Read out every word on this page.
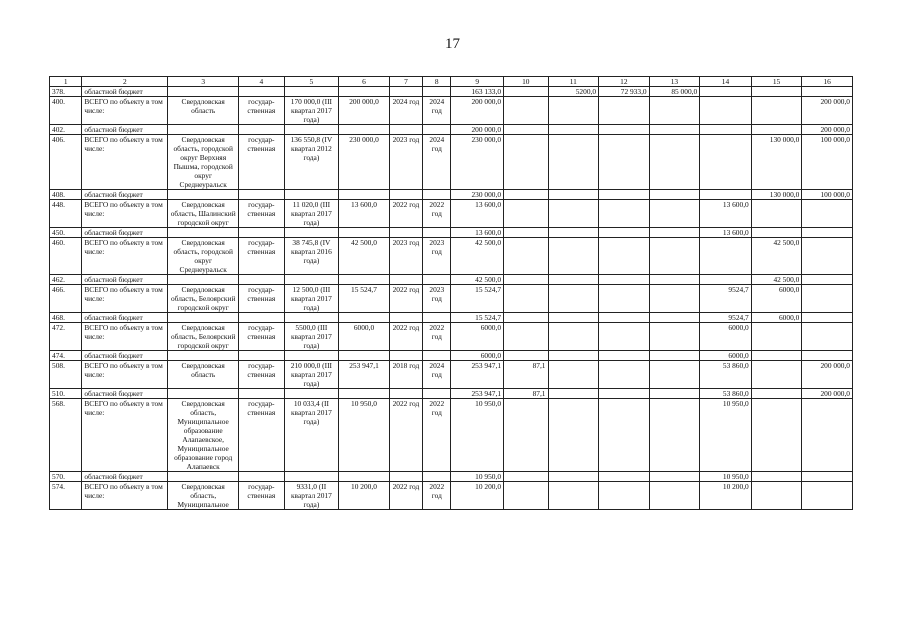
17
1	2	3	4	5	6	7	8	9	10	11	12	13	14	15	16
378.	областной бюджет							163 133,0		5200,0	72 933,0	85 000,0			
400.	ВСЕГО по объекту в том числе:	Свердловская область	государ-ственная	170 000,0 (III квартал 2017 года)	200 000,0	2024 год	2024 год	200 000,0							200 000,0
402.	областной бюджет							200 000,0							200 000,0
406.	ВСЕГО по объекту в том числе:	Свердловская область, городской округ Верхняя Пышма, городской округ Среднеуральск	государ-ственная	136 550,8 (IV квартал 2012 года)	230 000,0	2023 год	2024 год	230 000,0						130 000,0	100 000,0
408.	областной бюджет							230 000,0						130 000,0	100 000,0
448.	ВСЕГО по объекту в том числе:	Свердловская область, Шалинский городской округ	государ-ственная	11 020,0 (III квартал 2017 года)	13 600,0	2022 год	2022 год	13 600,0					13 600,0		
450.	областной бюджет							13 600,0					13 600,0		
460.	ВСЕГО по объекту в том числе:	Свердловская область, городской округ Среднеуральск	государ-ственная	38 745,8 (IV квартал 2016 года)	42 500,0	2023 год	2023 год	42 500,0						42 500,0	
462.	областной бюджет							42 500,0						42 500,0	
466.	ВСЕГО по объекту в том числе:	Свердловская область, Белоярский городской округ	государ-ственная	12 500,0 (III квартал 2017 года)	15 524,7	2022 год	2023 год	15 524,7					9524,7	6000,0	
468.	областной бюджет							15 524,7					9524,7	6000,0	
472.	ВСЕГО по объекту в том числе:	Свердловская область, Белоярский городской округ	государ-ственная	5500,0 (III квартал 2017 года)	6000,0	2022 год	2022 год	6000,0					6000,0		
474.	областной бюджет							6000,0					6000,0		
508.	ВСЕГО по объекту в том числе:	Свердловская область	государ-ственная	210 000,0 (III квартал 2017 года)	253 947,1	2018 год	2024 год	253 947,1	87,1				53 860,0		200 000,0
510.	областной бюджет							253 947,1	87,1				53 860,0		200 000,0
568.	ВСЕГО по объекту в том числе:	Свердловская область, Муниципальное образование Алапаевское, Муниципальное образование город Алапаевск	государ-ственная	10 033,4 (II квартал 2017 года)	10 950,0	2022 год	2022 год	10 950,0					10 950,0		
570.	областной бюджет							10 950,0					10 950,0		
574.	ВСЕГО по объекту в том числе:	Свердловская область, Муниципальное	государ-ственная	9331,0 (II квартал 2017 года)	10 200,0	2022 год	2022 год	10 200,0					10 200,0		
